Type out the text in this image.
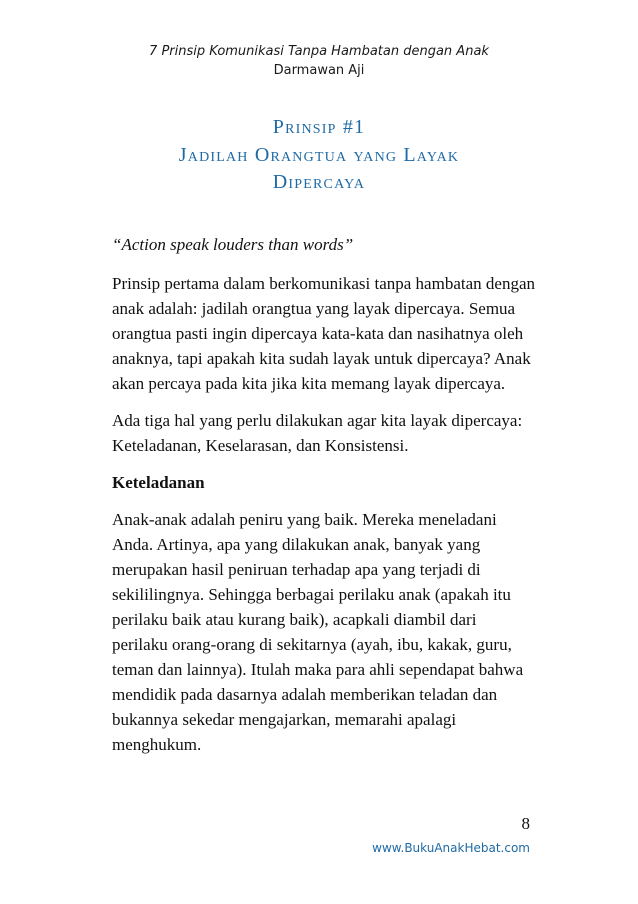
7 Prinsip Komunikasi Tanpa Hambatan dengan Anak
Darmawan Aji
Prinsip #1
Jadilah Orangtua yang Layak
Dipercaya

“Action speak louders than words”

Prinsip pertama dalam berkomunikasi tanpa hambatan dengan anak adalah: jadilah orangtua yang layak dipercaya. Semua orangtua pasti ingin dipercaya kata-kata dan nasihatnya oleh anaknya, tapi apakah kita sudah layak untuk dipercaya? Anak akan percaya pada kita jika kita memang layak dipercaya.

Ada tiga hal yang perlu dilakukan agar kita layak dipercaya: Keteladanan, Keselarasan, dan Konsistensi.

Keteladanan

Anak-anak adalah peniru yang baik. Mereka meneladani Anda. Artinya, apa yang dilakukan anak, banyak yang merupakan hasil peniruan terhadap apa yang terjadi di sekililingnya. Sehingga berbagai perilaku anak (apakah itu perilaku baik atau kurang baik), acapkali diambil dari perilaku orang-orang di sekitarnya (ayah, ibu, kakak, guru, teman dan lainnya). Itulah maka para ahli sependapat bahwa mendidik pada dasarnya adalah memberikan teladan dan bukannya sekedar mengajarkan, memarahi apalagi menghukum.

8
www.BukuAnakHebat.com
